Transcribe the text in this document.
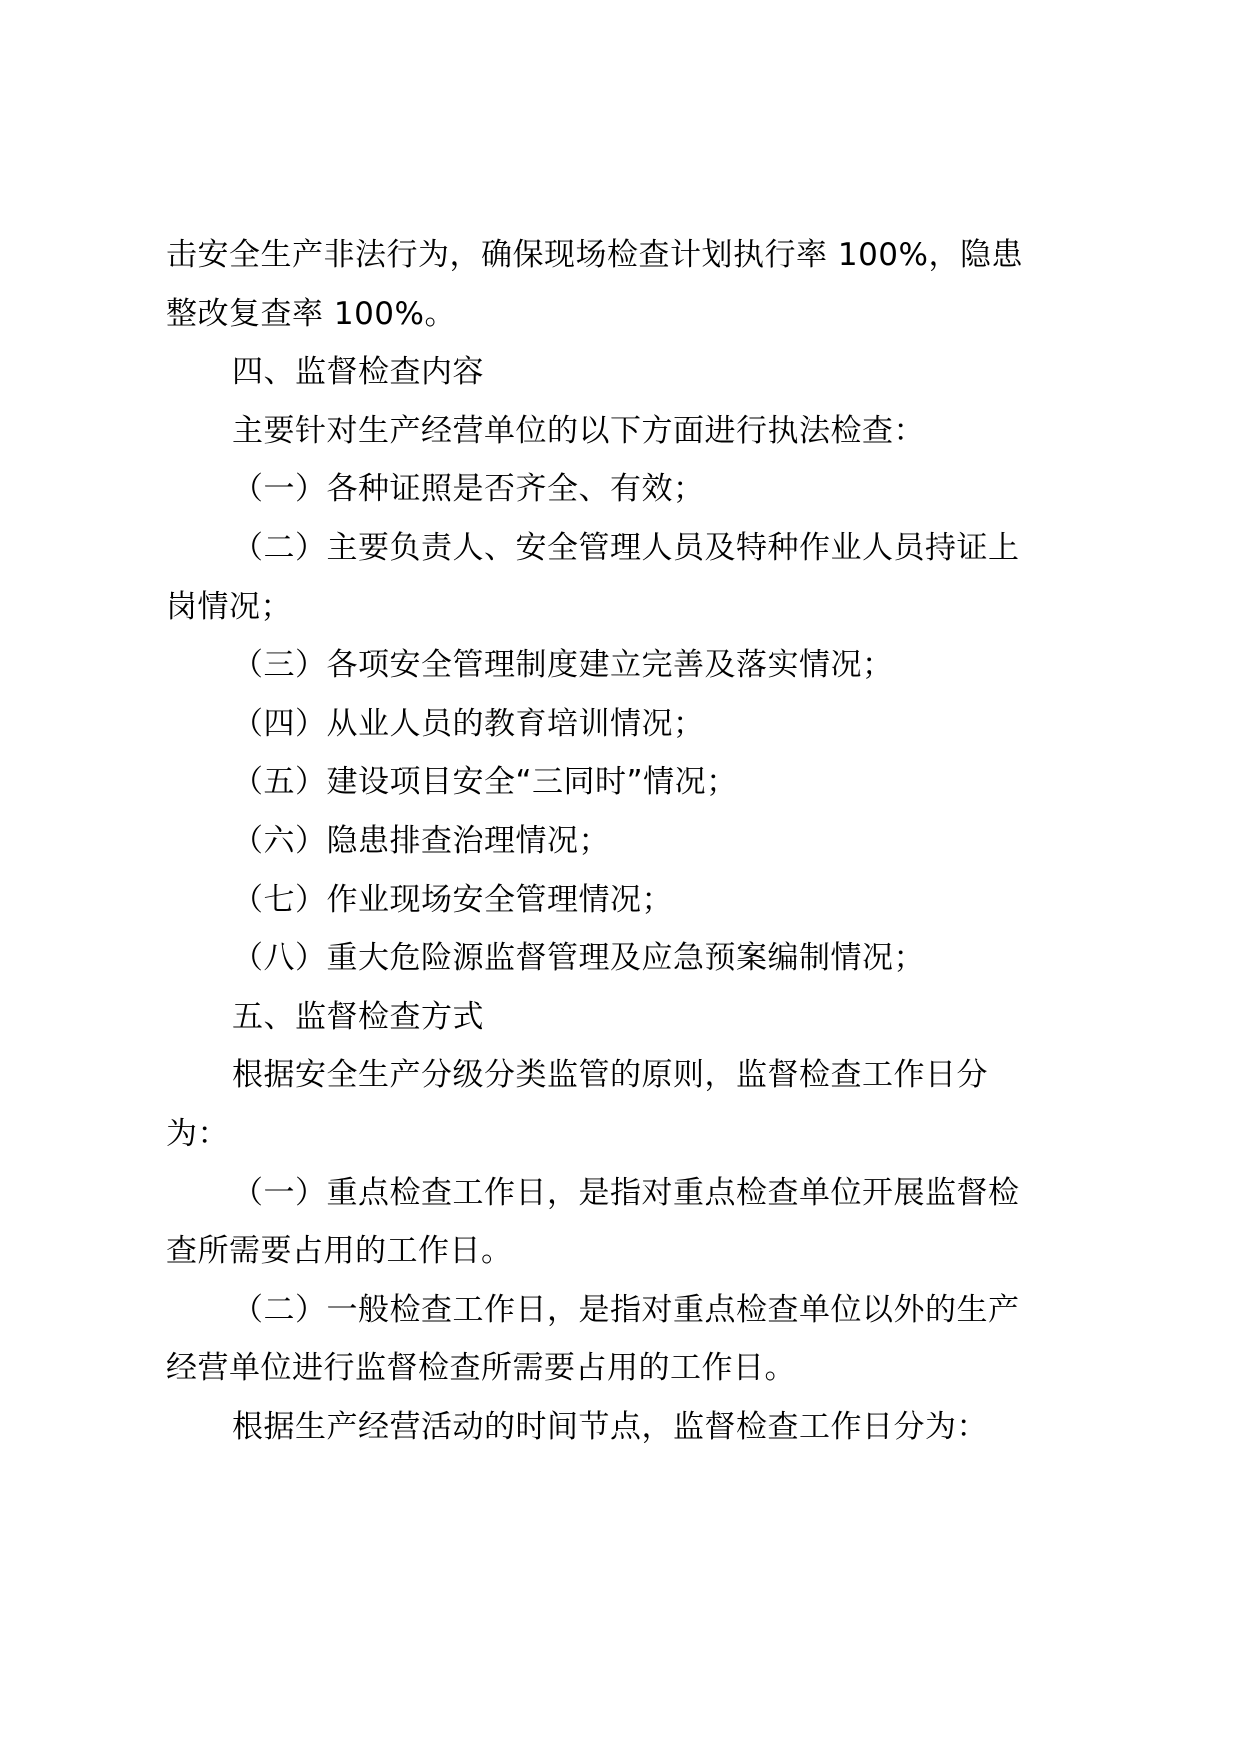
击安全生产非法行为，确保现场检查计划执行率 100%，隐患
整改复查率 100%。
四、监督检查内容
主要针对生产经营单位的以下方面进行执法检查：
（一）各种证照是否齐全、有效；
（二）主要负责人、安全管理人员及特种作业人员持证上
岗情况；
（三）各项安全管理制度建立完善及落实情况；
（四）从业人员的教育培训情况；
（五）建设项目安全“三同时”情况；
（六）隐患排查治理情况；
（七）作业现场安全管理情况；
（八）重大危险源监督管理及应急预案编制情况；
五、监督检查方式
根据安全生产分级分类监管的原则，监督检查工作日分
为：
（一）重点检查工作日，是指对重点检查单位开展监督检
查所需要占用的工作日。
（二）一般检查工作日，是指对重点检查单位以外的生产
经营单位进行监督检查所需要占用的工作日。
根据生产经营活动的时间节点，监督检查工作日分为：
